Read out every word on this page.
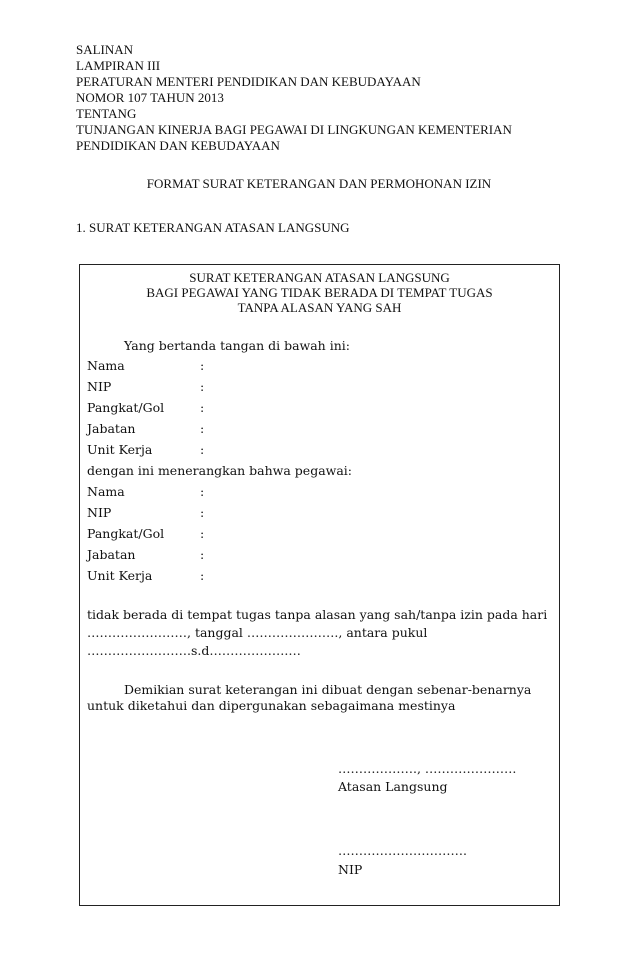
SALINAN
LAMPIRAN III
PERATURAN MENTERI PENDIDIKAN DAN KEBUDAYAAN
NOMOR 107 TAHUN 2013
TENTANG
TUNJANGAN KINERJA BAGI PEGAWAI DI LINGKUNGAN KEMENTERIAN
PENDIDIKAN DAN KEBUDAYAAN
FORMAT SURAT KETERANGAN DAN PERMOHONAN IZIN
1. SURAT KETERANGAN ATASAN LANGSUNG
SURAT KETERANGAN ATASAN LANGSUNG
BAGI PEGAWAI YANG TIDAK BERADA DI TEMPAT TUGAS
TANPA ALASAN YANG SAH
Yang bertanda tangan di bawah ini:
Nama	:
NIP	:
Pangkat/Gol	:
Jabatan	:
Unit Kerja	:
dengan ini menerangkan bahwa pegawai:
Nama	:
NIP	:
Pangkat/Gol	:
Jabatan	:
Unit Kerja	:
tidak berada di tempat tugas tanpa alasan yang sah/tanpa izin pada hari
……………………, tanggal …………………., antara pukul
…………………….s.d……………….…
Demikian surat keterangan ini dibuat dengan sebenar-benarnya
untuk diketahui dan dipergunakan sebagaimana mestinya
………………., ………………….
Atasan Langsung
………………………….
NIP
